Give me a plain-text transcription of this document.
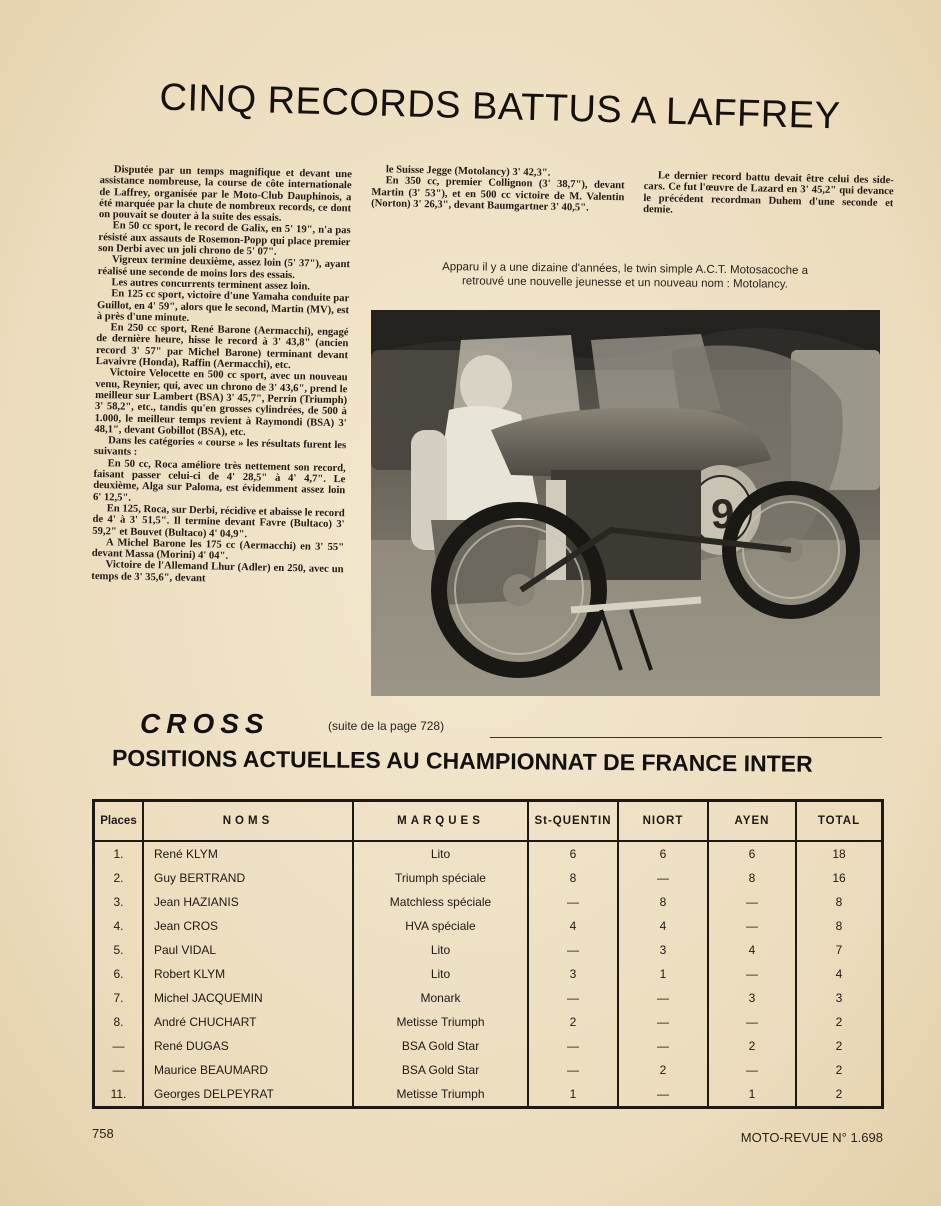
CINQ RECORDS BATTUS A LAFFREY

Disputée par un temps magnifique et devant une assistance nombreuse, la course de côte internationale de Laffrey, organisée par le Moto-Club Dauphinois, a été marquée par la chute de nombreux records, ce dont on pouvait se douter à la suite des essais.

En 50 cc sport, le record de Galix, en 5' 19", n'a pas résisté aux assauts de Rosemon-Popp qui place premier son Derbi avec un joli chrono de 5' 07".

Vigreux termine deuxième, assez loin (5' 37"), ayant réalisé une seconde de moins lors des essais.

Les autres concurrents terminent assez loin.

En 125 cc sport, victoire d'une Yamaha conduite par Guillot, en 4' 59", alors que le second, Martin (MV), est à près d'une minute.

En 250 cc sport, René Barone (Aermacchi), engagé de dernière heure, hisse le record à 3' 43,8" (ancien record 3' 57" par Michel Barone) terminant devant Lavaivre (Honda), Raffin (Aermacchi), etc.

Victoire Velocette en 500 cc sport, avec un nouveau venu, Reynier, qui, avec un chrono de 3' 43,6", prend le meilleur sur Lambert (BSA) 3' 45,7", Perrin (Triumph) 3' 58,2", etc., tandis qu'en grosses cylindrées, de 500 à 1.000, le meilleur temps revient à Raymondi (BSA) 3' 48,1", devant Gobillot (BSA), etc.

Dans les catégories « course » les résultats furent les suivants :

En 50 cc, Roca améliore très nettement son record, faisant passer celui-ci de 4' 28,5" à 4' 4,7". Le deuxième, Alga sur Paloma, est évidemment assez loin 6' 12,5".

En 125, Roca, sur Derbi, récidive et abaisse le record de 4' à 3' 51,5". Il termine devant Favre (Bultaco) 3' 59,2" et Bouvet (Bultaco) 4' 04,9".

A Michel Barone les 175 cc (Aermacchi) en 3' 55" devant Massa (Morini) 4' 04".

Victoire de l'Allemand Lhur (Adler) en 250, avec un temps de 3' 35,6", devant

le Suisse Jegge (Motolancy) 3' 42,3".

En 350 cc, premier Collignon (3' 38,7"), devant Martin (3' 53"), et en 500 cc victoire de M. Valentin (Norton) 3' 26,3", devant Baumgartner 3' 40,5".

Le dernier record battu devait être celui des side-cars. Ce fut l'œuvre de Lazard en 3' 45,2" qui devance le précédent recordman Duhem d'une seconde et demie.

Apparu il y a une dizaine d'années, le twin simple A.C.T. Motosacoche a retrouvé une nouvelle jeunesse et un nouveau nom : Motolancy.
9
CROSS	(suite de la page 728)
POSITIONS ACTUELLES AU CHAMPIONNAT DE FRANCE INTER
Places	NOMS	MARQUES	St-QUENTIN	NIORT	AYEN	TOTAL
1.	René KLYM	Lito	6	6	6	18
2.	Guy BERTRAND	Triumph spéciale	8	—	8	16
3.	Jean HAZIANIS	Matchless spéciale	—	8	—	8
4.	Jean CROS	HVA spéciale	4	4	—	8
5.	Paul VIDAL	Lito	—	3	4	7
6.	Robert KLYM	Lito	3	1	—	4
7.	Michel JACQUEMIN	Monark	—	—	3	3
8.	André CHUCHART	Metisse Triumph	2	—	—	2
—	René DUGAS	BSA Gold Star	—	—	2	2
—	Maurice BEAUMARD	BSA Gold Star	—	2	—	2
11.	Georges DELPEYRAT	Metisse Triumph	1	—	1	2
758	MOTO-REVUE N° 1.698
